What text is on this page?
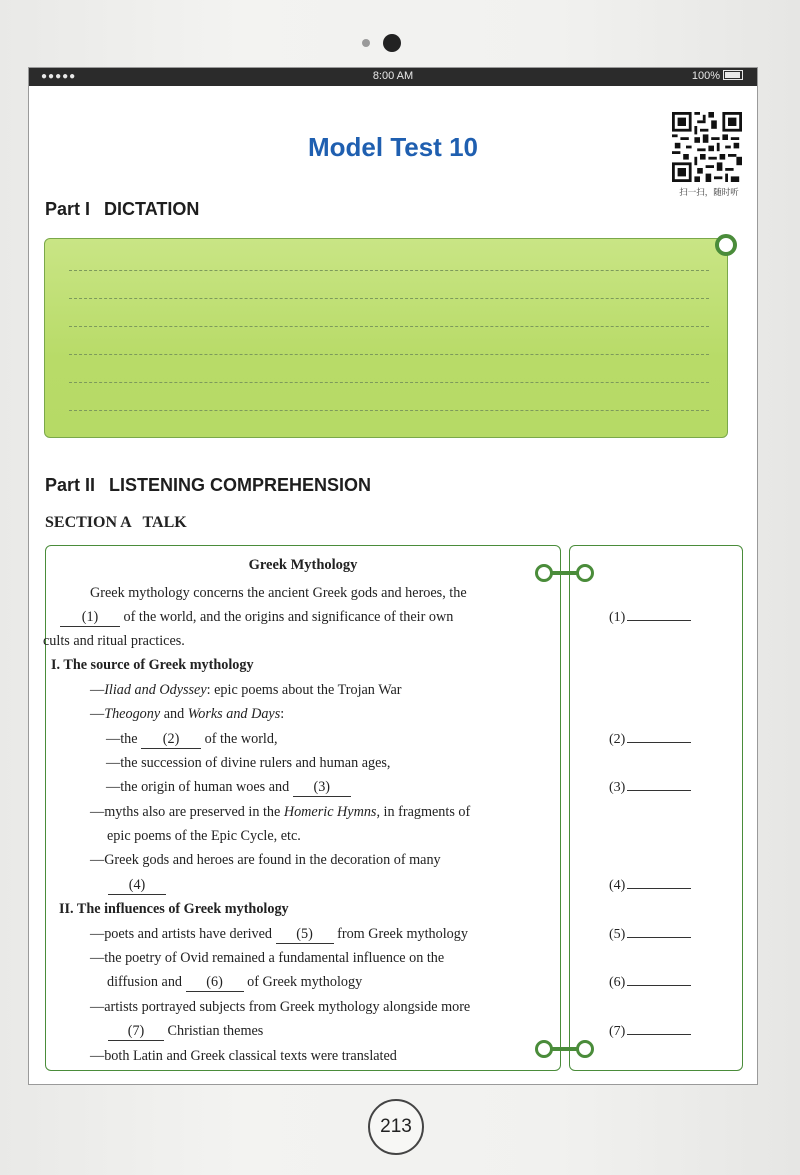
●●●●●	8:00 AM	100%
Model Test 10
扫一扫，随时听
Part I DICTATION
Part II LISTENING COMPREHENSION
SECTION A   TALK
Greek Mythology
Greek mythology concerns the ancient Greek gods and heroes, the
(1) of the world, and the origins and significance of their own
cults and ritual practices.
I. The source of Greek mythology
—Iliad and Odyssey: epic poems about the Trojan War
—Theogony and Works and Days:
—the (2) of the world,
—the succession of divine rulers and human ages,
—the origin of human woes and (3)
—myths also are preserved in the Homeric Hymns, in fragments of
epic poems of the Epic Cycle, etc.
—Greek gods and heroes are found in the decoration of many
(4)
II. The influences of Greek mythology
—poets and artists have derived (5) from Greek mythology
—the poetry of Ovid remained a fundamental influence on the
diffusion and (6) of Greek mythology
—artists portrayed subjects from Greek mythology alongside more
(7) Christian themes
—both Latin and Greek classical texts were translated
(1)
(2)
(3)
(4)
(5)
(6)
(7)
213
